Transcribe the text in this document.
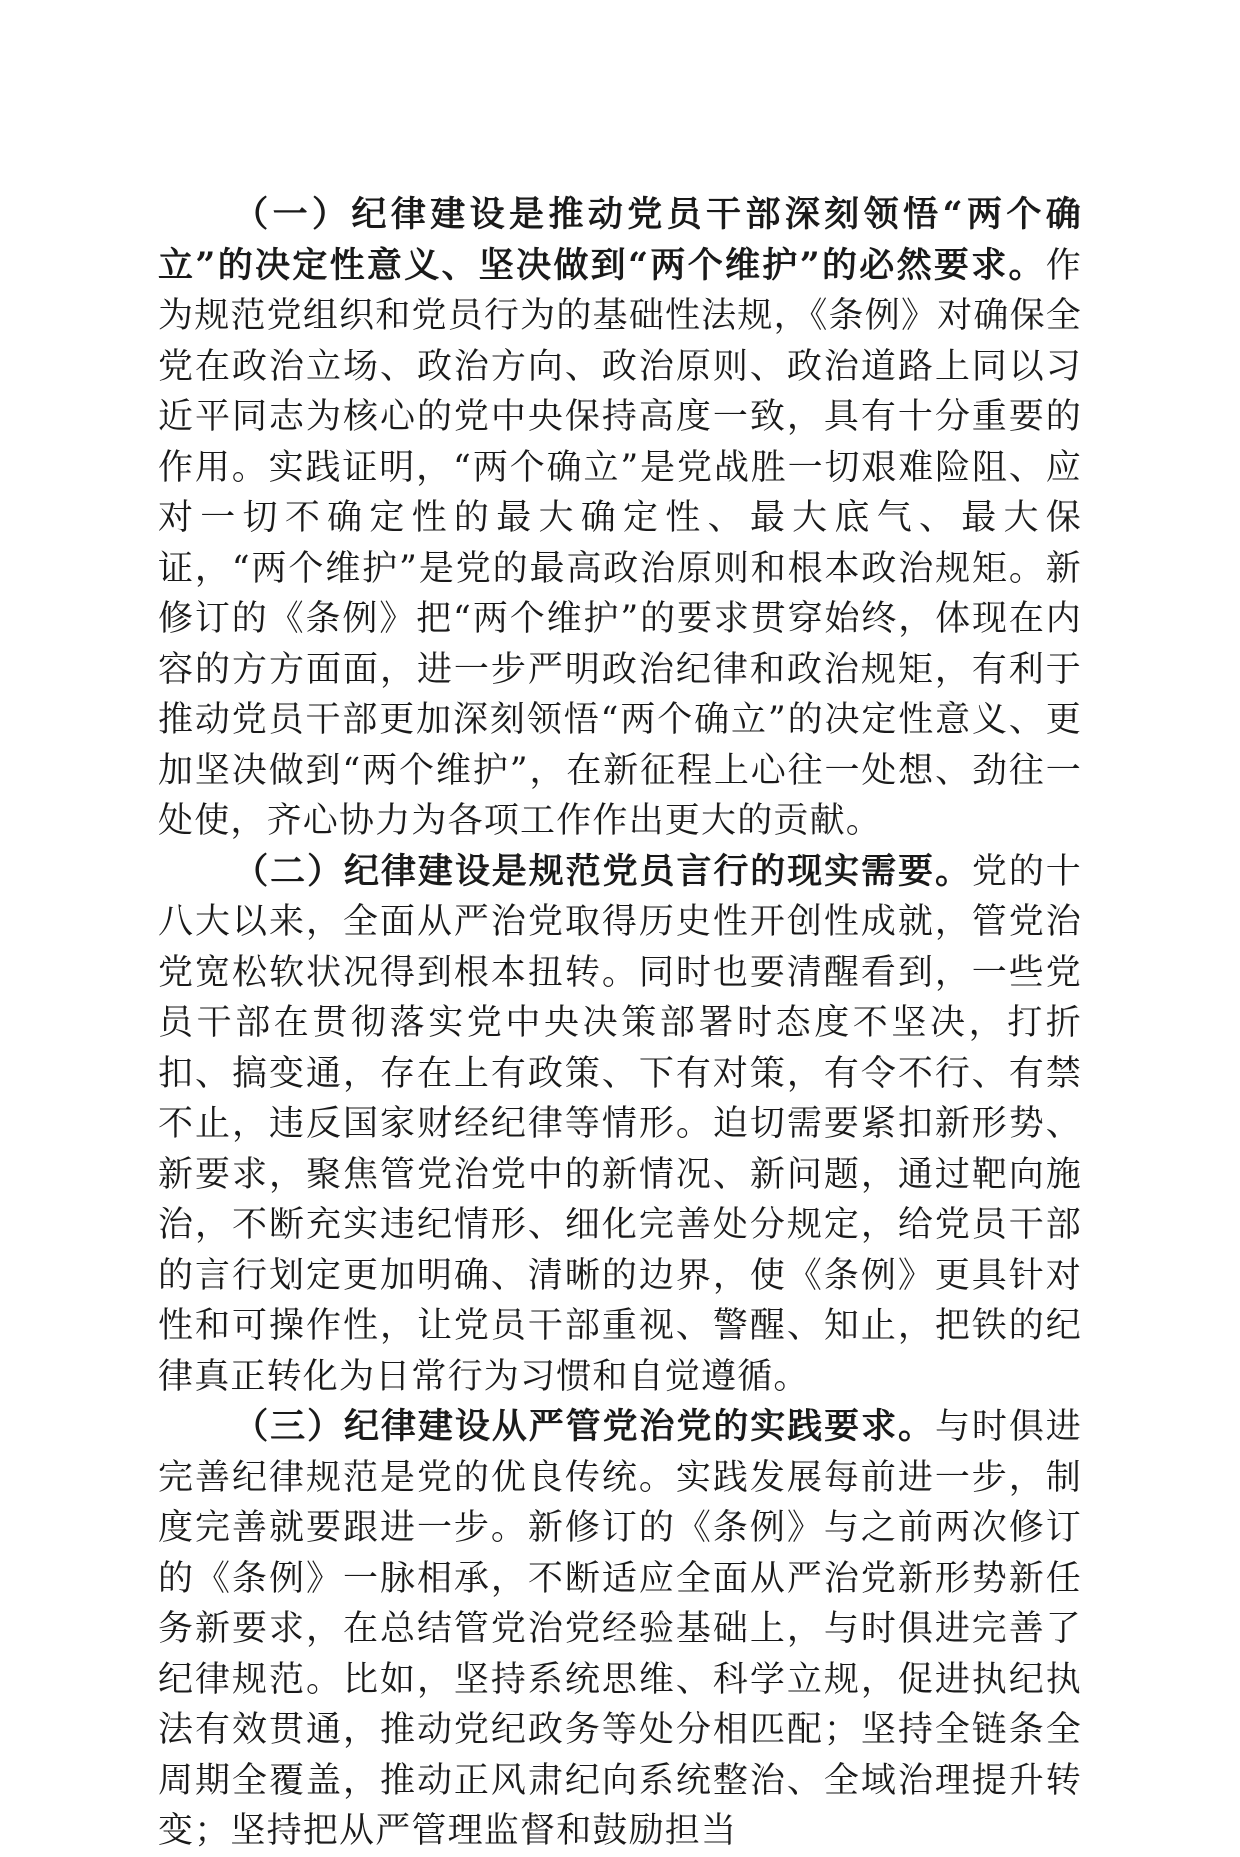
（一）纪律建设是推动党员干部深刻领悟“两个确立”的决定性意义、坚决做到“两个维护”的必然要求。作为规范党组织和党员行为的基础性法规，《条例》对确保全党在政治立场、政治方向、政治原则、政治道路上同以习近平同志为核心的党中央保持高度一致，具有十分重要的作用。实践证明，“两个确立”是党战胜一切艰难险阻、应对一切不确定性的最大确定性、最大底气、最大保证，“两个维护”是党的最高政治原则和根本政治规矩。新修订的《条例》把“两个维护”的要求贯穿始终，体现在内容的方方面面，进一步严明政治纪律和政治规矩，有利于推动党员干部更加深刻领悟“两个确立”的决定性意义、更加坚决做到“两个维护”，在新征程上心往一处想、劲往一处使，齐心协力为各项工作作出更大的贡献。

（二）纪律建设是规范党员言行的现实需要。党的十八大以来，全面从严治党取得历史性开创性成就，管党治党宽松软状况得到根本扭转。同时也要清醒看到，一些党员干部在贯彻落实党中央决策部署时态度不坚决，打折扣、搞变通，存在上有政策、下有对策，有令不行、有禁不止，违反国家财经纪律等情形。迫切需要紧扣新形势、新要求，聚焦管党治党中的新情况、新问题，通过靶向施治，不断充实违纪情形、细化完善处分规定，给党员干部的言行划定更加明确、清晰的边界，使《条例》更具针对性和可操作性，让党员干部重视、警醒、知止，把铁的纪律真正转化为日常行为习惯和自觉遵循。

（三）纪律建设从严管党治党的实践要求。与时俱进完善纪律规范是党的优良传统。实践发展每前进一步，制度完善就要跟进一步。新修订的《条例》与之前两次修订的《条例》一脉相承，不断适应全面从严治党新形势新任务新要求，在总结管党治党经验基础上，与时俱进完善了纪律规范。比如，坚持系统思维、科学立规，促进执纪执法有效贯通，推动党纪政务等处分相匹配；坚持全链条全周期全覆盖，推动正风肃纪向系统整治、全域治理提升转变；坚持把从严管理监督和鼓励担当
